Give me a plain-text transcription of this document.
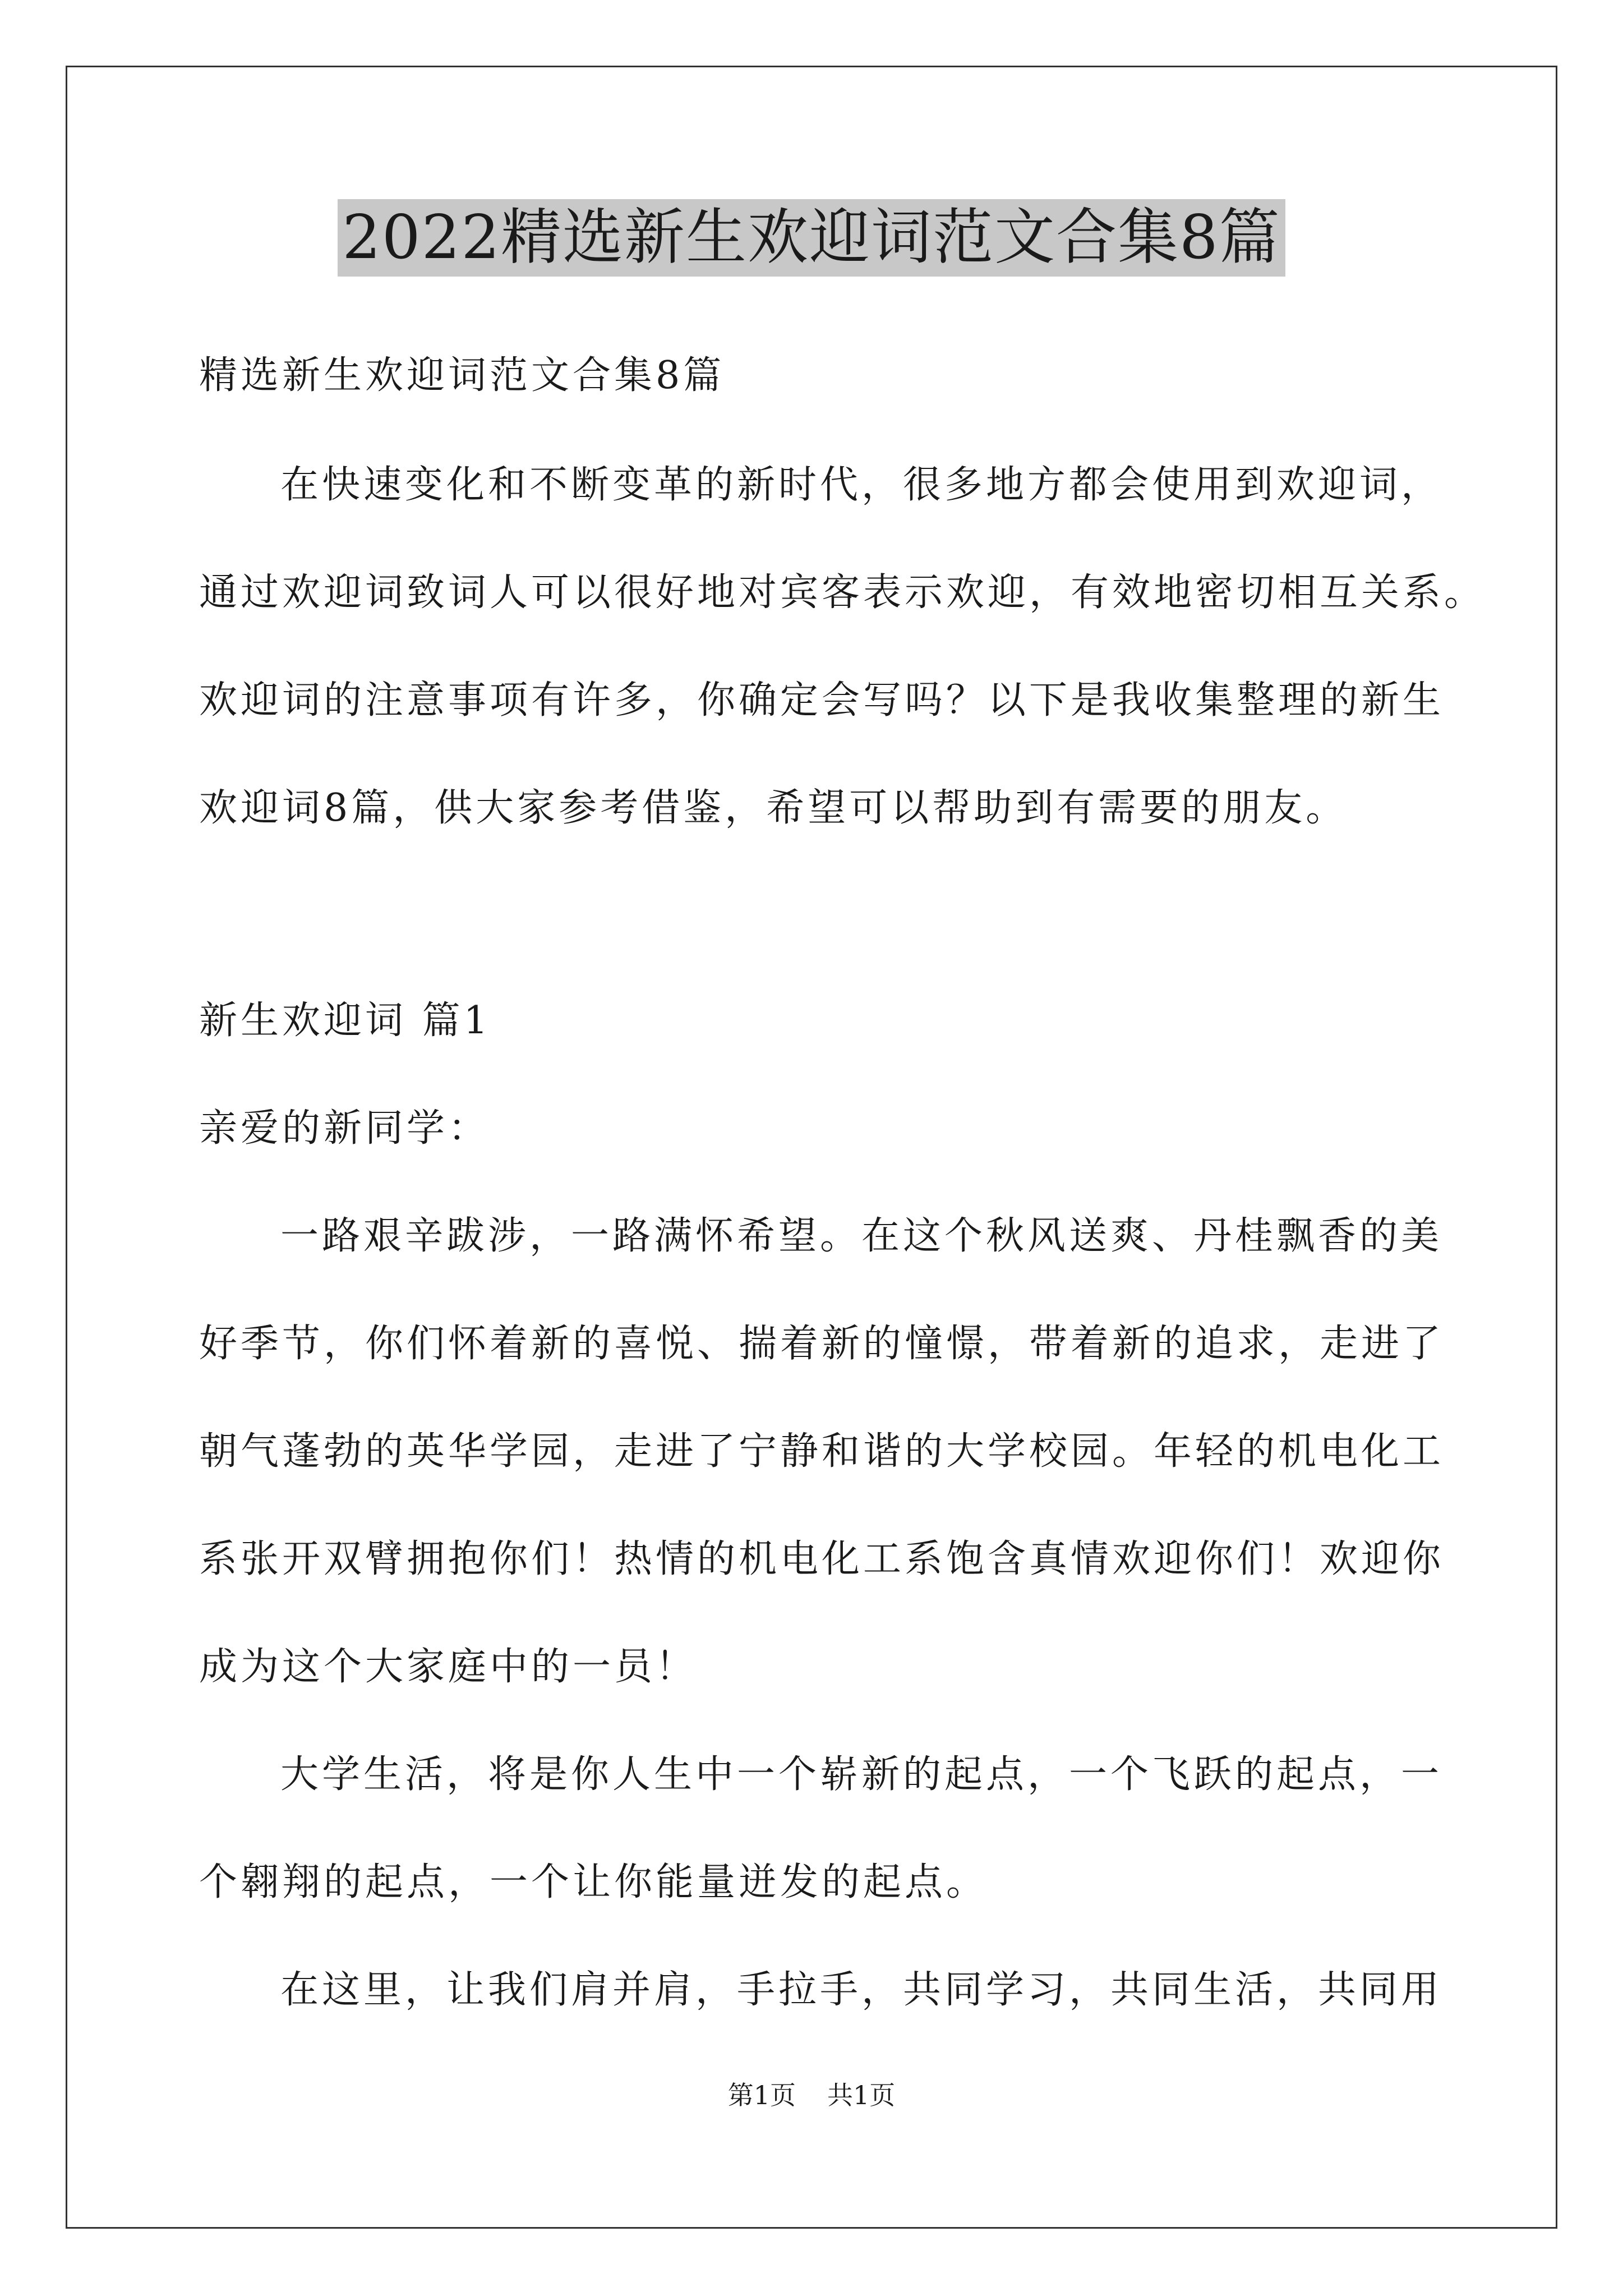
2022精选新生欢迎词范文合集8篇
精选新生欢迎词范文合集8篇
在快速变化和不断变革的新时代，很多地方都会使用到欢迎词，
通过欢迎词致词人可以很好地对宾客表示欢迎，有效地密切相互关系。
欢迎词的注意事项有许多，你确定会写吗？以下是我收集整理的新生
欢迎词8篇，供大家参考借鉴，希望可以帮助到有需要的朋友。
新生欢迎词 篇1
亲爱的新同学：
一路艰辛跋涉，一路满怀希望。在这个秋风送爽、丹桂飘香的美
好季节，你们怀着新的喜悦、揣着新的憧憬，带着新的追求，走进了
朝气蓬勃的英华学园，走进了宁静和谐的大学校园。年轻的机电化工
系张开双臂拥抱你们！热情的机电化工系饱含真情欢迎你们！欢迎你
成为这个大家庭中的一员！
大学生活，将是你人生中一个崭新的起点，一个飞跃的起点，一
个翱翔的起点，一个让你能量迸发的起点。
在这里，让我们肩并肩，手拉手，共同学习，共同生活，共同用
第1页 共1页
